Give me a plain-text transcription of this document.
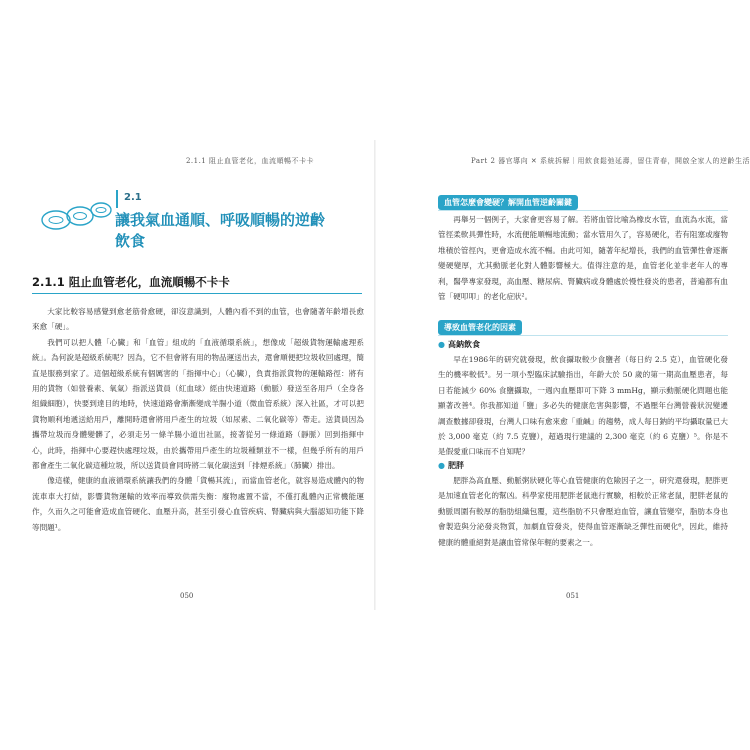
2.1.1 阻止血管老化，血流順暢不卡卡
2.1
讓我氣血通順、呼吸順暢的逆齡飲食
2.1.1 阻止血管老化，血流順暢不卡卡

大家比較容易感覺到愈老筋骨愈硬，卻沒意識到，人體內看不到的血管，也會隨著年齡增長愈來愈「硬」。

我們可以把人體「心臟」和「血管」組成的「血液循環系統」，想像成「超級貨物運輸處理系統」。為何說是超級系統呢？因為，它不但會將有用的物品運送出去，還會順便把垃圾收回處理，簡直是服務到家了。這個超級系統有個厲害的「指揮中心」（心臟），負責指派貨物的運輸路徑：將有用的貨物（如營養素、氧氣）指派送貨員（紅血球）經由快速道路（動脈）發送至各用戶（全身各組織細胞），快要到達目的地時，快速道路會漸漸變成羊腸小道（微血管系統）深入社區，才可以把貨物順利地遞送給用戶，離開時還會將用戶產生的垃圾（如尿素、二氧化碳等）帶走。送貨員因為攜帶垃圾而身體變髒了，必須走另一條羊腸小道出社區，接著從另一條道路（靜脈）回到指揮中心，此時，指揮中心要趕快處理垃圾，由於攜帶用戶產生的垃圾種類並不一樣，但幾乎所有的用戶都會產生二氧化碳這種垃圾，所以送貨員會同時將二氧化碳送到「排煙系統」（肺臟）排出。

像這樣，健康的血液循環系統讓我們的身體「貨暢其流」，而當血管老化，就容易造成體內的物流車車大打結，影響貨物運輸的效率而導致供需失衡：廢物處置不當，不僅打亂體內正常機能運作，久而久之可能會造成血管硬化、血壓升高，甚至引發心血管疾病、腎臟病與大腦認知功能下降等問題¹。

050
Part 2 器官導向 ✕ 系統拆解｜用飲食鬆弛延壽，留住青春，開啟全家人的逆齡生活
血管怎麼會變硬？解開血管逆齡關鍵

再舉另一個例子，大家會更容易了解。若將血管比喻為橡皮水管，血流為水流，當管徑柔軟具彈性時，水流便能順暢地流動；當水管用久了，容易硬化，若有阻塞或廢物堆積於管徑內，更會造成水流不暢。由此可知，隨著年紀增長，我們的血管彈性會逐漸變硬變厚，尤其動脈老化對人體影響極大。值得注意的是，血管老化並非老年人的專利，醫學專家發現，高血壓、糖尿病、腎臟病或身體處於慢性發炎的患者，普遍都有血管「硬叩叩」的老化症狀²。

導致血管老化的因素
● 高鈉飲食

早在1986年的研究就發現，飲食攝取較少食鹽者（每日約 2.5 克），血管硬化發生的機率較低³。另一項小型臨床試驗指出，年齡大於 50 歲的第一期高血壓患者，每日若能減少 60% 食鹽攝取，一週內血壓即可下降 3 mmHg，顯示動脈硬化問題也能顯著改善⁴。你我都知道「鹽」多必失的健康危害與影響，不過壓年台灣營養狀況變遷調查數據卻發現，台灣人口味有愈來愈「重鹹」的趨勢，成人每日鈉的平均攝取量已大於 3,000 毫克（約 7.5 克鹽），超過現行建議的 2,300 毫克（約 6 克鹽）⁵。你是不是假愛重口味而不自知呢？

● 肥胖

肥胖為高血壓、動脈粥狀硬化等心血管健康的危險因子之一，研究還發現，肥胖更是加速血管老化的幫凶。科學家使用肥胖老鼠進行實驗，相較於正常老鼠，肥胖老鼠的動脈周圍有較厚的脂肪組織包覆，這些脂肪不只會壓迫血管，讓血管變窄，脂肪本身也會製造與分泌發炎物質，加劇血管發炎，使得血管逐漸缺乏彈性而硬化⁶，因此，維持健康的體重絕對是讓血管常保年輕的要素之一。

051
